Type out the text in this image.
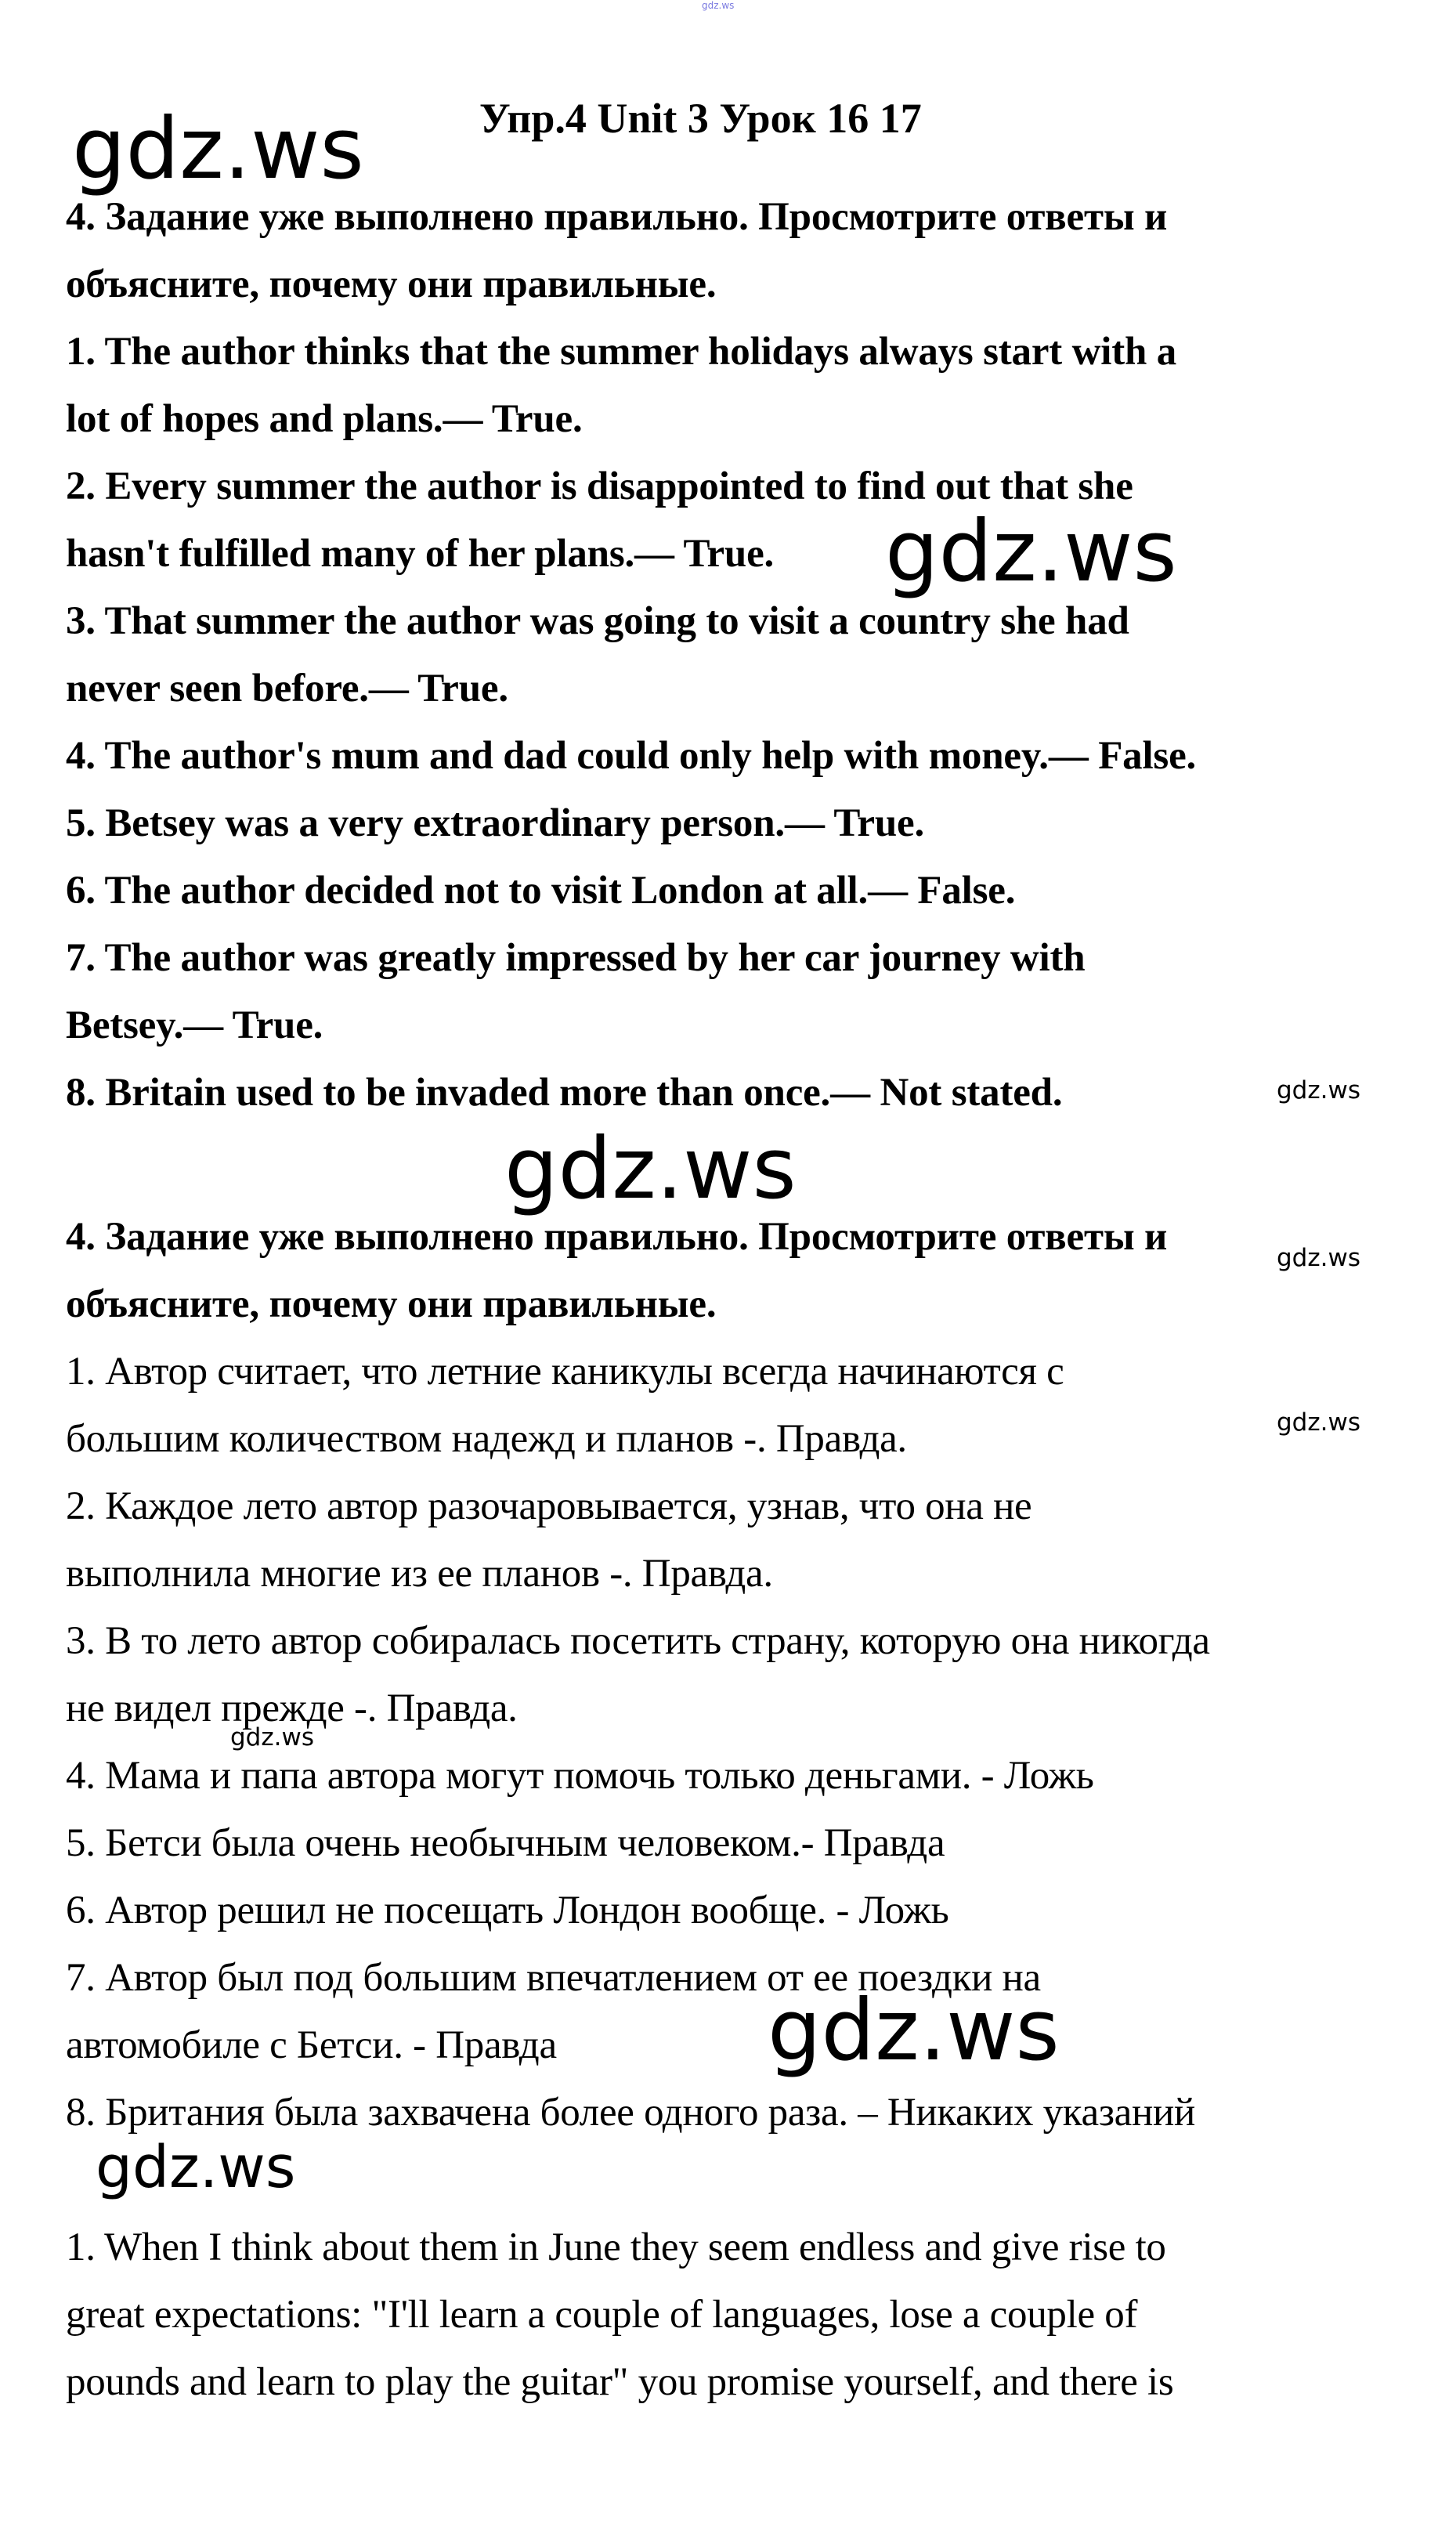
gdz.ws
Упр.4 Unit 3 Урок 16 17
gdz.ws
4. Задание уже выполнено правильно. Просмотрите ответы и
объясните, почему они правильные.
1. The author thinks that the summer holidays always start with a
lot of hopes and plans.— True.
2. Every summer the author is disappointed to find out that she
hasn't fulfilled many of her plans.— True.
3. That summer the author was going to visit a country she had
never seen before.— True.
4. The author's mum and dad could only help with money.— False.
5. Betsey was a very extraordinary person.— True.
6. The author decided not to visit London at all.— False.
7. The author was greatly impressed by her car journey with
Betsey.— True.
8. Britain used to be invaded more than once.— Not stated.
gdz.ws
gdz.ws
gdz.ws
4. Задание уже выполнено правильно. Просмотрите ответы и
объясните, почему они правильные.
1. Автор считает, что летние каникулы всегда начинаются с
большим количеством надежд и планов -. Правда.
2. Каждое лето автор разочаровывается, узнав, что она не
выполнила многие из ее планов -. Правда.
3. В то лето автор собиралась посетить страну, которую она никогда
не видел прежде -. Правда.
4. Мама и папа автора могут помочь только деньгами. - Ложь
5. Бетси была очень необычным человеком.- Правда
6. Автор решил не посещать Лондон вообще. - Ложь
7. Автор был под большим впечатлением от ее поездки на
автомобиле с Бетси. - Правда
8. Британия была захвачена более одного раза. – Никаких указаний
gdz.ws
gdz.ws
gdz.ws
gdz.ws
gdz.ws
1. When I think about them in June they seem endless and give rise to
great expectations: "I'll learn a couple of languages, lose a couple of
pounds and learn to play the guitar" you promise yourself, and there is
